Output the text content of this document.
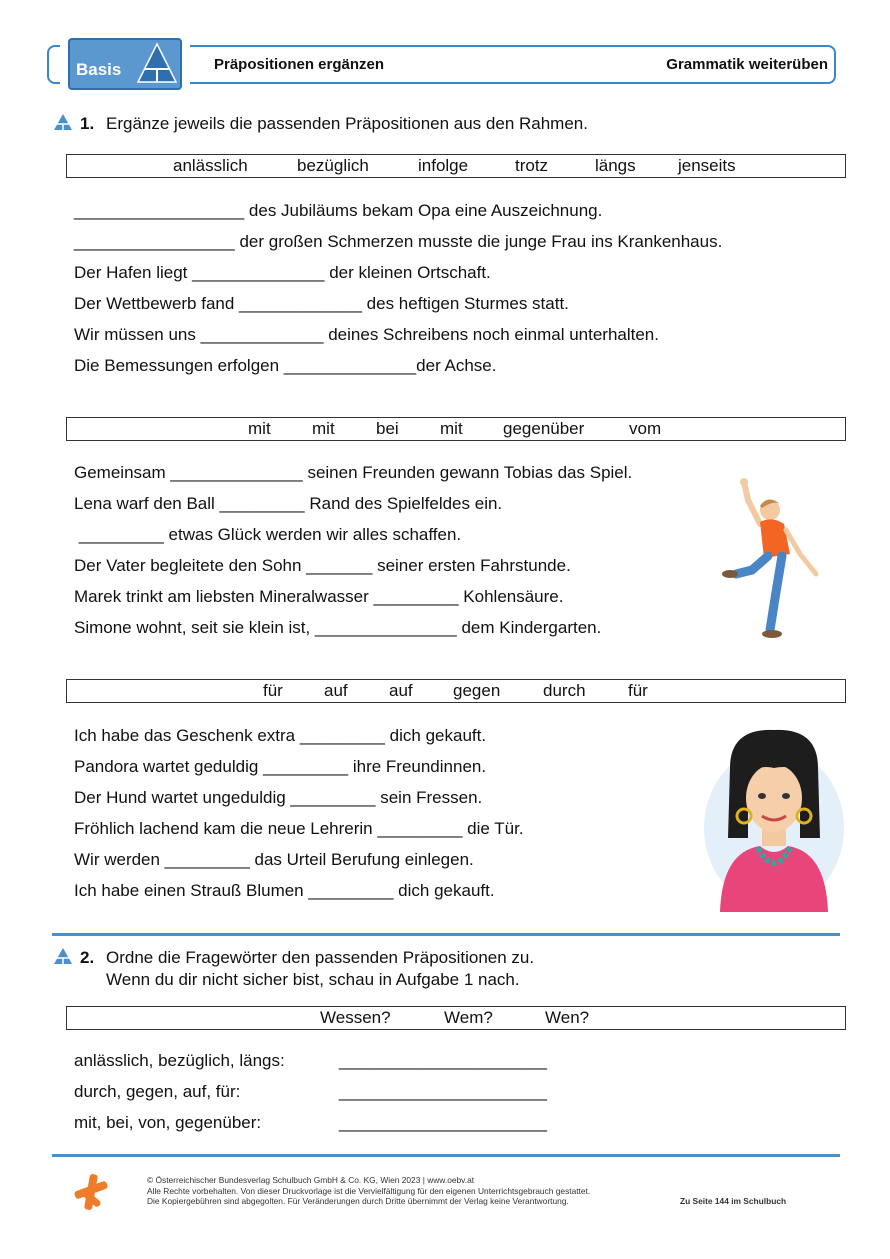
Basis	Präpositionen ergänzen	Grammatik weiterüben
1. Ergänze jeweils die passenden Präpositionen aus den Rahmen.
anlässlich	bezüglich	infolge	trotz	längs jenseits
__________________ des Jubiläums bekam Opa eine Auszeichnung.
_________________ der großen Schmerzen musste die junge Frau ins Krankenhaus.
Der Hafen liegt ______________ der kleinen Ortschaft.
Der Wettbewerb fand _____________ des heftigen Sturmes statt.
Wir müssen uns _____________ deines Schreibens noch einmal unterhalten.
Die Bemessungen erfolgen ______________der Achse.
mit mit bei mit gegenüber	vom
Gemeinsam ______________ seinen Freunden gewann Tobias das Spiel.
Lena warf den Ball _________ Rand des Spielfeldes ein.
_________ etwas Glück werden wir alles schaffen.
Der Vater begleitete den Sohn _______ seiner ersten Fahrstunde.
Marek trinkt am liebsten Mineralwasser _________ Kohlensäure.
Simone wohnt, seit sie klein ist, _______________ dem Kindergarten.
für auf auf gegen	durch für
Ich habe das Geschenk extra _________ dich gekauft.
Pandora wartet geduldig _________ ihre Freundinnen.
Der Hund wartet ungeduldig _________ sein Fressen.
Fröhlich lachend kam die neue Lehrerin _________ die Tür.
Wir werden _________ das Urteil Berufung einlegen.
Ich habe einen Strauß Blumen _________ dich gekauft.
2. Ordne die Fragewörter den passenden Präpositionen zu.
Wenn du dir nicht sicher bist, schau in Aufgabe 1 nach.
Wessen?	Wem?	Wen?
anlässlich, bezüglich, längs:	______________________
durch, gegen, auf, für:	______________________
mit, bei, von, gegenüber:	______________________
© Österreichischer Bundesverlag Schulbuch GmbH & Co. KG, Wien 2023 | www.oebv.at
Alle Rechte vorbehalten. Von dieser Druckvorlage ist die Vervielfältigung für den eigenen Unterrichtsgebrauch gestattet.
Die Kopiergebühren sind abgegolten. Für Veränderungen durch Dritte übernimmt der Verlag keine Verantwortung.	Zu Seite 144 im Schulbuch
